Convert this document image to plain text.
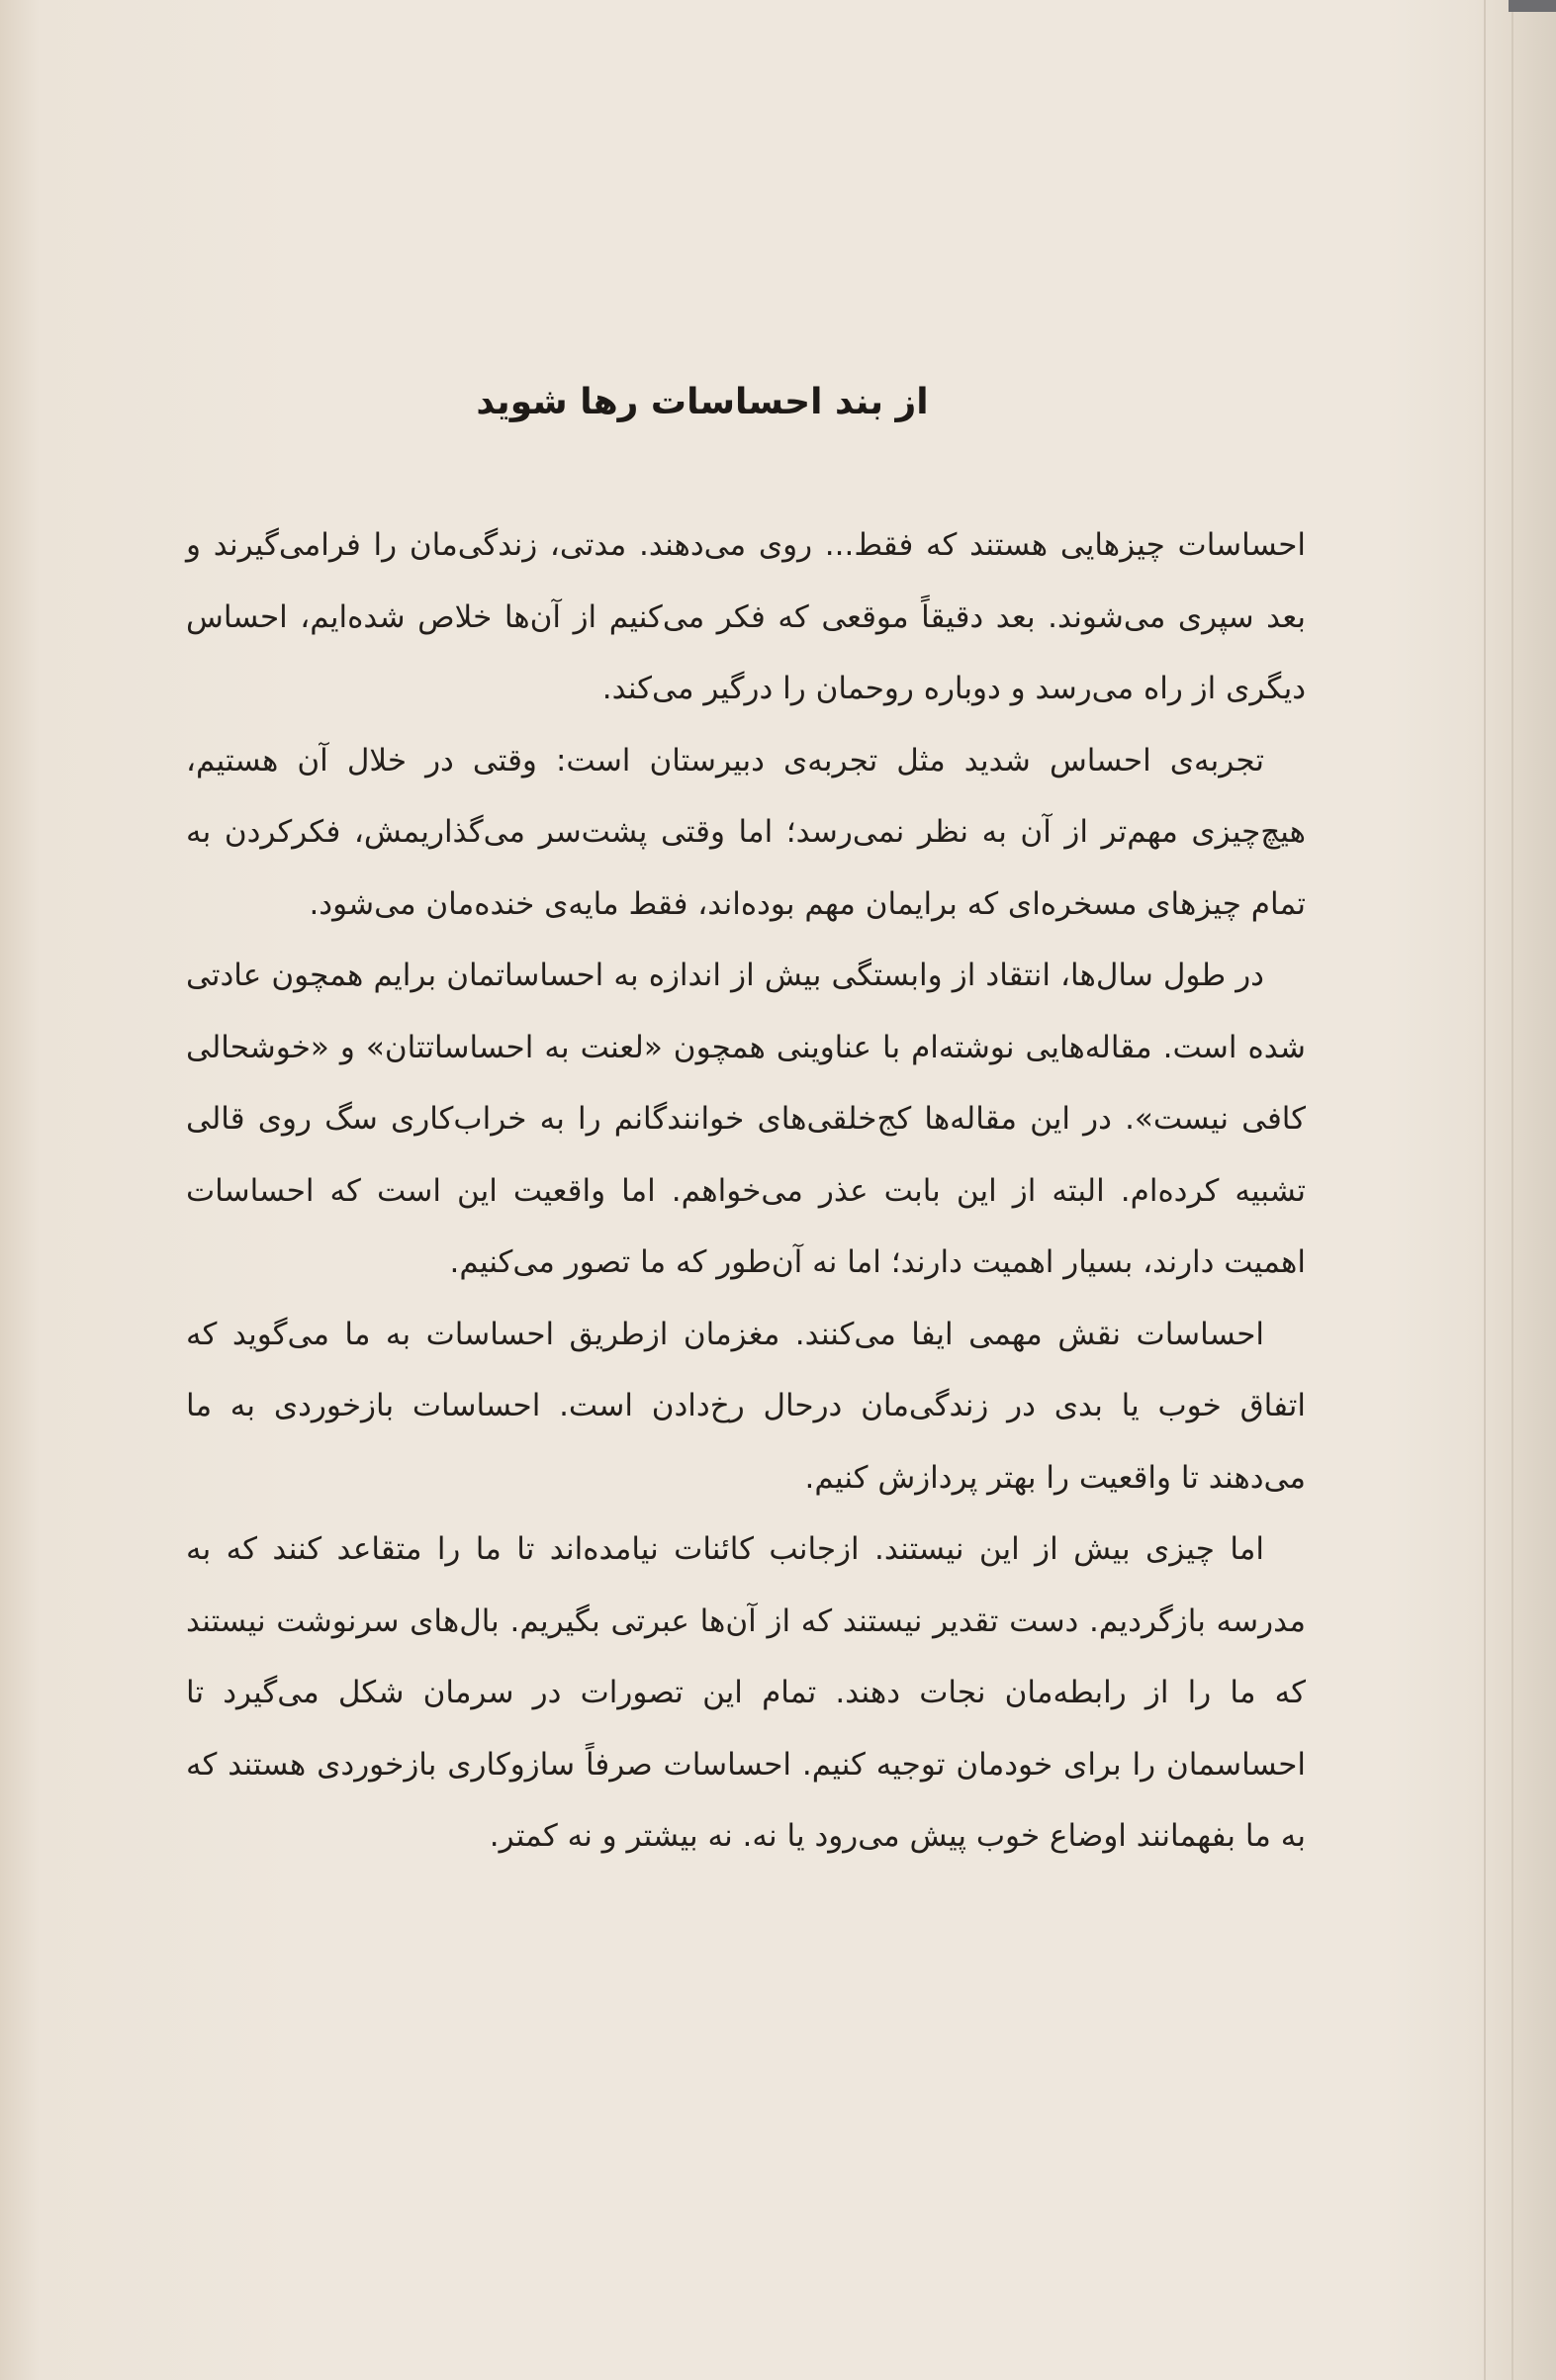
از بند احساسات رها شوید

احساسات چیزهایی هستند که فقط... روی می‌دهند. مدتی، زندگی‌مان را فرامی‌گیرند و بعد سپری می‌شوند. بعد دقیقاً موقعی که فکر می‌کنیم از آن‌ها خلاص شده‌ایم، احساس دیگری از راه می‌رسد و دوباره روحمان را درگیر می‌کند.

تجربه‌ی احساس شدید مثل تجربه‌ی دبیرستان است: وقتی در خلال آن هستیم، هیچ‌چیزی مهم‌تر از آن به نظر نمی‌رسد؛ اما وقتی پشت‌سر می‌گذاریمش، فکرکردن به تمام چیزهای مسخره‌ای که برایمان مهم بوده‌اند، فقط مایه‌ی خنده‌مان می‌شود.

در طول سال‌ها، انتقاد از وابستگی بیش از اندازه به احساساتمان برایم همچون عادتی شده است. مقاله‌هایی نوشته‌ام با عناوینی همچون «لعنت به احساساتتان» و «خوشحالی کافی نیست». در این مقاله‌ها کج‌خلقی‌های خوانندگانم را به خراب‌کاری سگ روی قالی تشبیه کرده‌ام. البته از این بابت عذر می‌خواهم. اما واقعیت این است که احساسات اهمیت دارند، بسیار اهمیت دارند؛ اما نه آن‌طور که ما تصور می‌کنیم.

احساسات نقش مهمی ایفا می‌کنند. مغزمان ازطریق احساسات به ما می‌گوید که اتفاق خوب یا بدی در زندگی‌مان درحال رخ‌دادن است. احساسات بازخوردی به ما می‌دهند تا واقعیت را بهتر پردازش کنیم.

اما چیزی بیش از این نیستند. ازجانب کائنات نیامده‌اند تا ما را متقاعد کنند که به مدرسه بازگردیم. دست تقدیر نیستند که از آن‌ها عبرتی بگیریم. بال‌های سرنوشت نیستند که ما را از رابطه‌مان نجات دهند. تمام این تصورات در سرمان شکل می‌گیرد تا احساسمان را برای خودمان توجیه کنیم. احساسات صرفاً سازوکاری بازخوردی هستند که به ما بفهمانند اوضاع خوب پیش می‌رود یا نه. نه بیشتر و نه کمتر.
